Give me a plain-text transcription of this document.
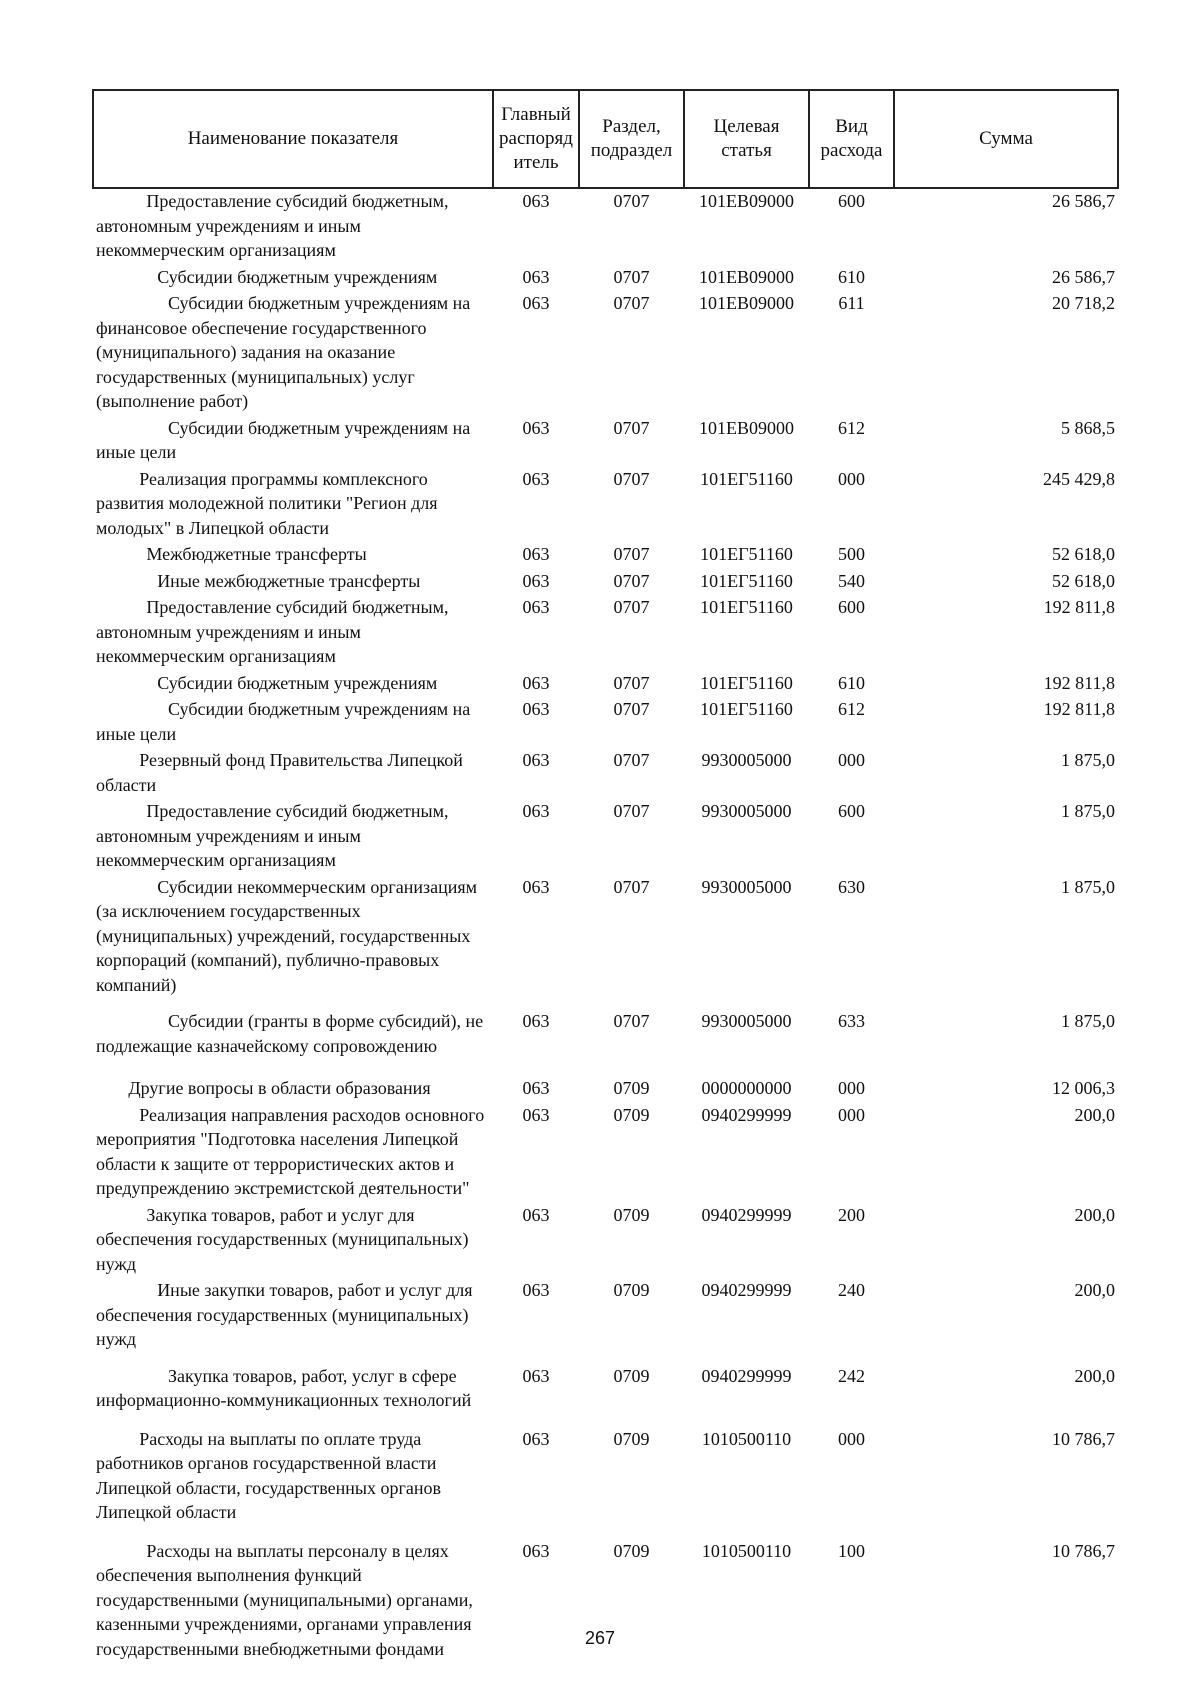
Наименование показателя	Главный распоряд итель	Раздел, подраздел	Целевая статья	Вид расхода	Сумма
Предоставление субсидий бюджетным, автономным учреждениям и иным некоммерческим организациям	063	0707	101EB09000	600	26 586,7
Субсидии бюджетным учреждениям	063	0707	101EB09000	610	26 586,7
Субсидии бюджетным учреждениям на финансовое обеспечение государственного (муниципального) задания на оказание государственных (муниципальных) услуг (выполнение работ)	063	0707	101EB09000	611	20 718,2
Субсидии бюджетным учреждениям на иные цели	063	0707	101EB09000	612	5 868,5
Реализация программы комплексного развития молодежной политики "Регион для молодых" в Липецкой области	063	0707	101ЕГ51160	000	245 429,8
Межбюджетные трансферты	063	0707	101ЕГ51160	500	52 618,0
Иные межбюджетные трансферты	063	0707	101ЕГ51160	540	52 618,0
Предоставление субсидий бюджетным, автономным учреждениям и иным некоммерческим организациям	063	0707	101ЕГ51160	600	192 811,8
Субсидии бюджетным учреждениям	063	0707	101ЕГ51160	610	192 811,8
Субсидии бюджетным учреждениям на иные цели	063	0707	101ЕГ51160	612	192 811,8
Резервный фонд Правительства Липецкой области	063	0707	9930005000	000	1 875,0
Предоставление субсидий бюджетным, автономным учреждениям и иным некоммерческим организациям	063	0707	9930005000	600	1 875,0
Субсидии некоммерческим организациям (за исключением государственных (муниципальных) учреждений, государственных корпораций (компаний), публично-правовых компаний)	063	0707	9930005000	630	1 875,0
Субсидии (гранты в форме субсидий), не подлежащие казначейскому сопровождению	063	0707	9930005000	633	1 875,0
Другие вопросы в области образования	063	0709	0000000000	000	12 006,3
Реализация направления расходов основного мероприятия "Подготовка населения Липецкой области к защите от террористических актов и предупреждению экстремистской деятельности"	063	0709	0940299999	000	200,0
Закупка товаров, работ и услуг для обеспечения государственных (муниципальных) нужд	063	0709	0940299999	200	200,0
Иные закупки товаров, работ и услуг для обеспечения государственных (муниципальных) нужд	063	0709	0940299999	240	200,0
Закупка товаров, работ, услуг в сфере информационно-коммуникационных технологий	063	0709	0940299999	242	200,0
Расходы на выплаты по оплате труда работников органов государственной власти Липецкой области, государственных органов Липецкой области	063	0709	1010500110	000	10 786,7
Расходы на выплаты персоналу в целях обеспечения выполнения функций государственными (муниципальными) органами, казенными учреждениями, органами управления государственными внебюджетными фондами	063	0709	1010500110	100	10 786,7
267
